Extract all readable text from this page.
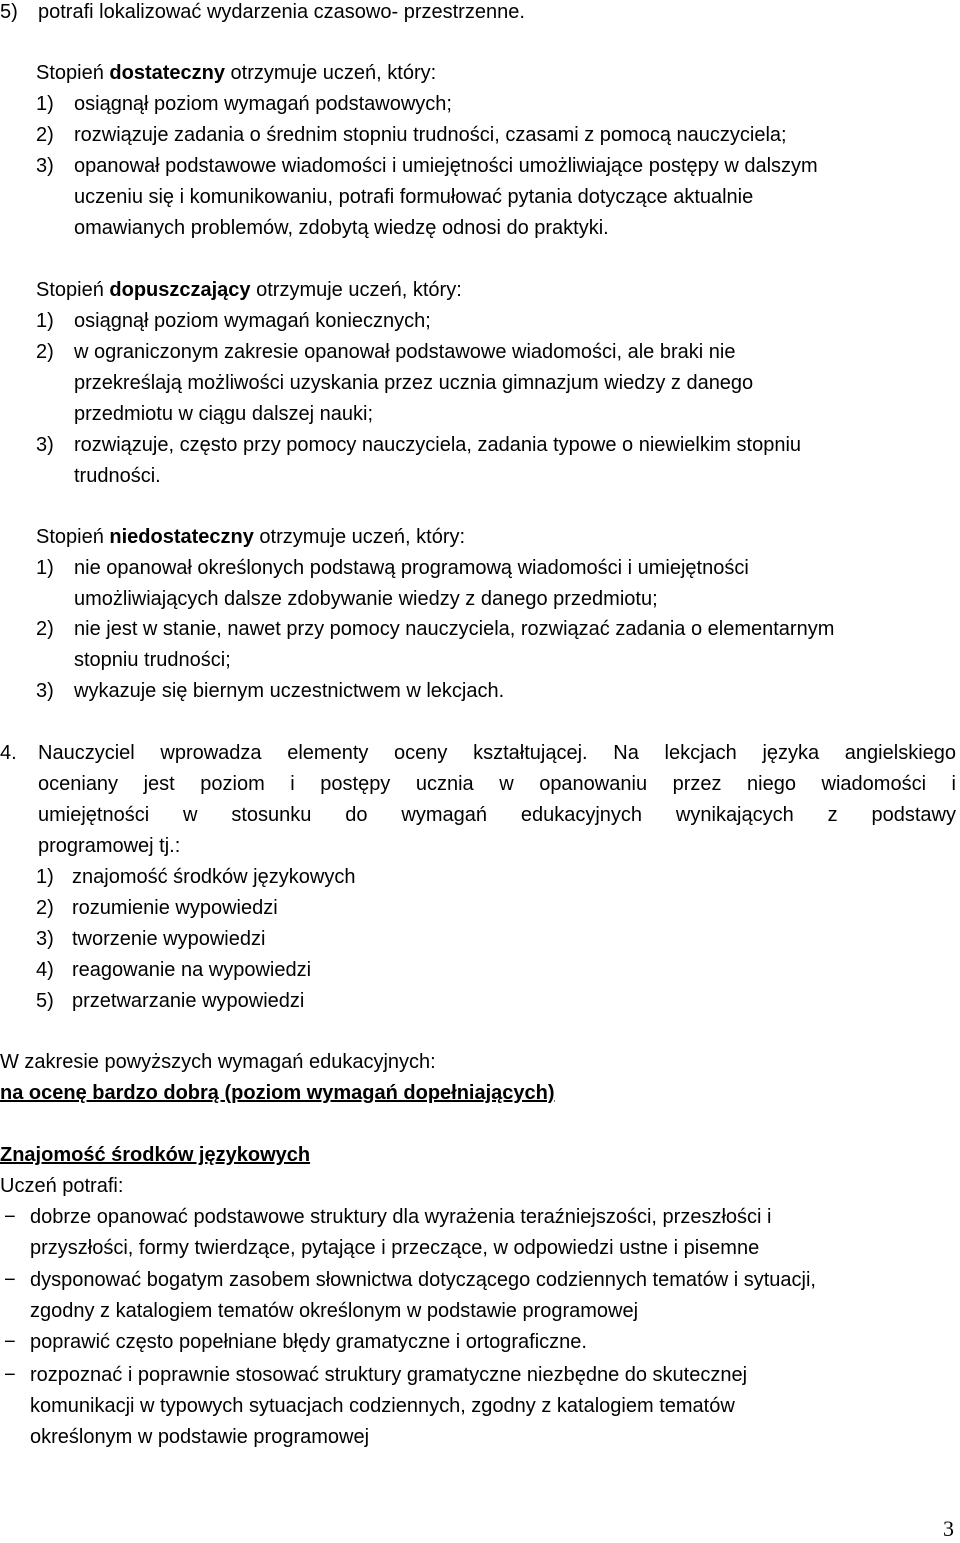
5) potrafi lokalizować wydarzenia czasowo- przestrzenne.
Stopień dostateczny otrzymuje uczeń, który:
1) osiągnął poziom wymagań podstawowych;
2) rozwiązuje zadania o średnim stopniu trudności, czasami z pomocą nauczyciela;
3) opanował podstawowe wiadomości i umiejętności umożliwiające postępy w dalszym
uczeniu się i komunikowaniu, potrafi formułować pytania dotyczące aktualnie
omawianych problemów, zdobytą wiedzę odnosi do praktyki.
Stopień dopuszczający otrzymuje uczeń, który:
1) osiągnął poziom wymagań koniecznych;
2) w ograniczonym zakresie opanował podstawowe wiadomości, ale braki nie
przekreślają możliwości uzyskania przez ucznia gimnazjum wiedzy z danego
przedmiotu w ciągu dalszej nauki;
3) rozwiązuje, często przy pomocy nauczyciela, zadania typowe o niewielkim stopniu
trudności.
Stopień niedostateczny otrzymuje uczeń, który:
1) nie opanował określonych podstawą programową wiadomości i umiejętności
umożliwiających dalsze zdobywanie wiedzy z danego przedmiotu;
2) nie jest w stanie, nawet przy pomocy nauczyciela, rozwiązać zadania o elementarnym
stopniu trudności;
3) wykazuje się biernym uczestnictwem w lekcjach.
4. Nauczyciel wprowadza elementy oceny kształtującej. Na lekcjach języka angielskiego
oceniany jest poziom i postępy ucznia w opanowaniu przez niego wiadomości i
umiejętności w stosunku do wymagań edukacyjnych wynikających z podstawy
programowej tj.:
1) znajomość środków językowych
2) rozumienie wypowiedzi
3) tworzenie wypowiedzi
4) reagowanie na wypowiedzi
5) przetwarzanie wypowiedzi
W zakresie powyższych wymagań edukacyjnych:
na ocenę bardzo dobrą (poziom wymagań dopełniających)
Znajomość środków językowych
Uczeń potrafi:
− dobrze opanować podstawowe struktury dla wyrażenia teraźniejszości, przeszłości i
przyszłości, formy twierdzące, pytające i przeczące, w odpowiedzi ustne i pisemne
− dysponować bogatym zasobem słownictwa dotyczącego codziennych tematów i sytuacji,
zgodny z katalogiem tematów określonym w podstawie programowej
− poprawić często popełniane błędy gramatyczne i ortograficzne.
− rozpoznać i poprawnie stosować struktury gramatyczne niezbędne do skutecznej
komunikacji w typowych sytuacjach codziennych, zgodny z katalogiem tematów
określonym w podstawie programowej
3
